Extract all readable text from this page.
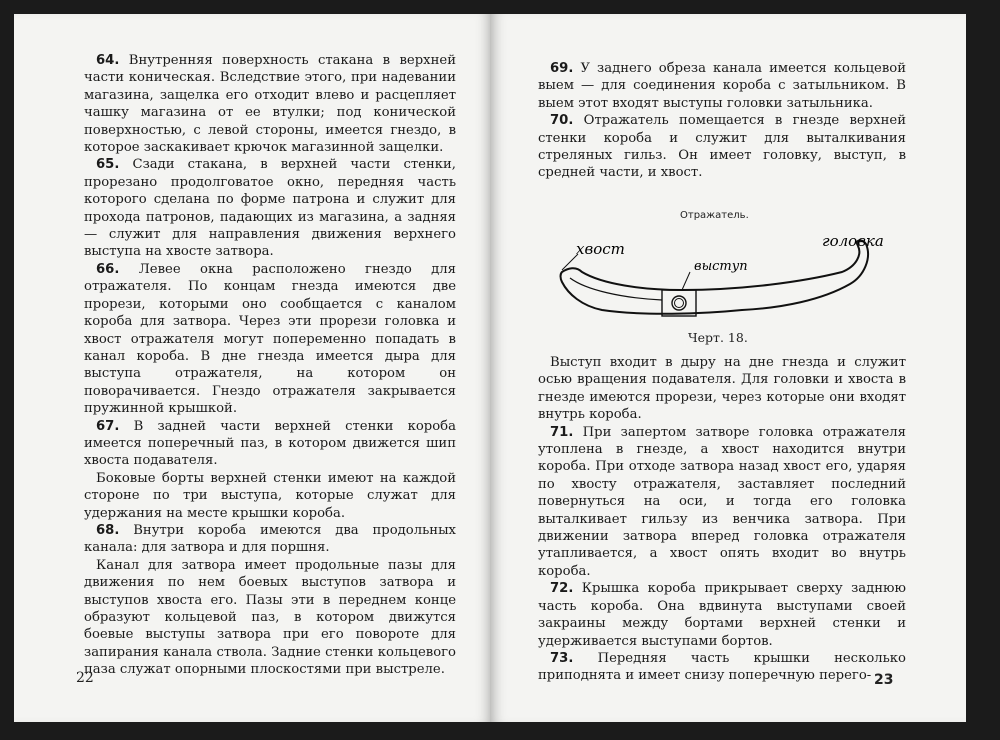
64. Внутренняя поверхность стакана в верхней части коническая. Вследствие этого, при надевании магазина, защелка его отходит влево и расцепляет чашку магазина от ее втулки; под конической поверхностью, с левой стороны, имеется гнездо, в которое заскакивает крючок магазинной защелки.

65. Сзади стакана, в верхней части стенки, прорезано продолговатое окно, передняя часть которого сделана по форме патрона и служит для прохода патронов, падающих из магазина, а задняя — служит для направления движения верхнего выступа на хвосте затвора.

66. Левее окна расположено гнездо для отражателя. По концам гнезда имеются две прорези, которыми оно сообщается с каналом короба для затвора. Через эти прорези головка и хвост отражателя могут попеременно попадать в канал короба. В дне гнезда имеется дыра для выступа отражателя, на котором он поворачивается. Гнездо отражателя закрывается пружинной крышкой.

67. В задней части верхней стенки короба имеется поперечный паз, в котором движется шип хвоста подавателя.

Боковые борты верхней стенки имеют на каждой стороне по три выступа, которые служат для удержания на месте крышки короба.

68. Внутри короба имеются два продольных канала: для затвора и для поршня.

Канал для затвора имеет продольные пазы для движения по нем боевых выступов затвора и выступов хвоста его. Пазы эти в переднем конце образуют кольцевой паз, в котором движутся боевые выступы затвора при его повороте для запирания канала ствола. Задние стенки кольцевого паза служат опорными плоскостями при выстреле.

22

69. У заднего обреза канала имеется кольцевой выем — для соединения короба с затыльником. В выем этот входят выступы головки затыльника.

70. Отражатель помещается в гнезде верхней стенки короба и служит для выталкивания стреляных гильз. Он имеет головку, выступ, в средней части, и хвост.

Отражатель.
хвост
выступ
головка
Черт. 18.

Выступ входит в дыру на дне гнезда и служит осью вращения подавателя. Для головки и хвоста в гнезде имеются прорези, через которые они входят внутрь короба.

71. При запертом затворе головка отражателя утоплена в гнезде, а хвост находится внутри короба. При отходе затвора назад хвост его, ударяя по хвосту отражателя, заставляет последний повернуться на оси, и тогда его головка выталкивает гильзу из венчика затвора. При движении затвора вперед головка отражателя утапливается, а хвост опять входит во внутрь короба.

72. Крышка короба прикрывает сверху заднюю часть короба. Она вдвинута выступами своей закраины между бортами верхней стенки и удерживается выступами бортов.

73. Передняя часть крышки несколько приподнята и имеет снизу поперечную перего- 23
